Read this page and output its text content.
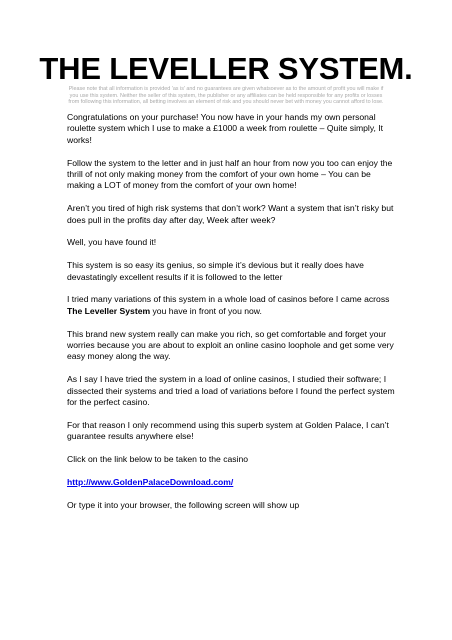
THE LEVELLER SYSTEM.

Please note that all information is provided 'as is' and no guarantees are given whatsoever as to the amount of profit you will make if you use this system. Neither the seller of this system, the publisher or any affiliates can be held responsible for any profits or losses from following this information, all betting involves an element of risk and you should never bet with money you cannot afford to lose.

Congratulations on your purchase! You now have in your hands my own personal roulette system which I use to make a £1000 a week from roulette – Quite simply, It works!

Follow the system to the letter and in just half an hour from now you too can enjoy the thrill of not only making money from the comfort of your own home – You can be making a LOT of money from the comfort of your own home!

Aren’t you tired of high risk systems that don’t work? Want a system that isn’t risky but does pull in the profits day after day, Week after week?

Well, you have found it!

This system is so easy its genius, so simple it’s devious but it really does have devastatingly excellent results if it is followed to the letter

I tried many variations of this system in a whole load of casinos before I came across The Leveller System you have in front of you now.

This brand new system really can make you rich, so get comfortable and forget your worries because you are about to exploit an online casino loophole and get some very easy money along the way.

As I say I have tried the system in a load of online casinos, I studied their software; I dissected their systems and tried a load of variations before I found the perfect system for the perfect casino.

For that reason I only recommend using this superb system at Golden Palace, I can’t guarantee results anywhere else!

Click on the link below to be taken to the casino

http://www.GoldenPalaceDownload.com/

Or type it into your browser, the following screen will show up
